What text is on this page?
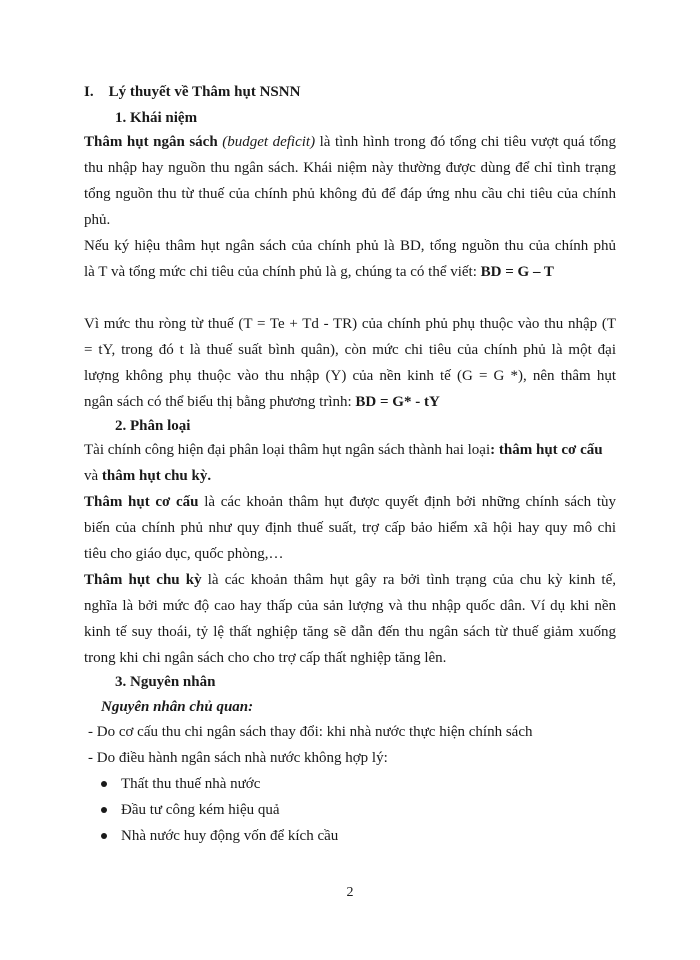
I.    Lý thuyết về Thâm hụt NSNN
1. Khái niệm
Thâm hụt ngân sách (budget deficit) là tình hình trong đó tổng chi tiêu vượt quá tổng
thu nhập hay nguồn thu ngân sách. Khái niệm này thường được dùng để chỉ tình trạng
tổng nguồn thu từ thuế của chính phủ không đủ để đáp ứng nhu cầu chi tiêu của chính
phủ.
Nếu ký hiệu thâm hụt ngân sách của chính phủ là BD, tổng nguồn thu của chính phủ
là T và tổng mức chi tiêu của chính phủ là g, chúng ta có thể viết: BD = G – T
Vì mức thu ròng từ thuế (T = Te + Td - TR) của chính phủ phụ thuộc vào thu nhập (T
= tY, trong đó t là thuế suất bình quân), còn mức chi tiêu của chính phủ là một đại
lượng không phụ thuộc vào thu nhập (Y) của nền kinh tế (G = G *), nên thâm hụt
ngân sách có thể biểu thị bằng phương trình: BD = G* - tY
2. Phân loại
Tài chính công hiện đại phân loại thâm hụt ngân sách thành hai loại: thâm hụt cơ cấu
và thâm hụt chu kỳ.
Thâm hụt cơ cấu là các khoản thâm hụt được quyết định bởi những chính sách tùy
biến của chính phủ như quy định thuế suất, trợ cấp bảo hiểm xã hội hay quy mô chi
tiêu cho giáo dục, quốc phòng,…
Thâm hụt chu kỳ là các khoản thâm hụt gây ra bởi tình trạng của chu kỳ kinh tế,
nghĩa là bởi mức độ cao hay thấp của sản lượng và thu nhập quốc dân. Ví dụ khi nền
kinh tế suy thoái, tỷ lệ thất nghiệp tăng sẽ dẫn đến thu ngân sách từ thuế giảm xuống
trong khi chi ngân sách cho cho trợ cấp thất nghiệp tăng lên.
3. Nguyên nhân
Nguyên nhân chủ quan:
- Do cơ cấu thu chi ngân sách thay đổi: khi nhà nước thực hiện chính sách
- Do điều hành ngân sách nhà nước không hợp lý:
Thất thu thuế nhà nước
Đầu tư công kém hiệu quả
Nhà nước huy động vốn để kích cầu
2
